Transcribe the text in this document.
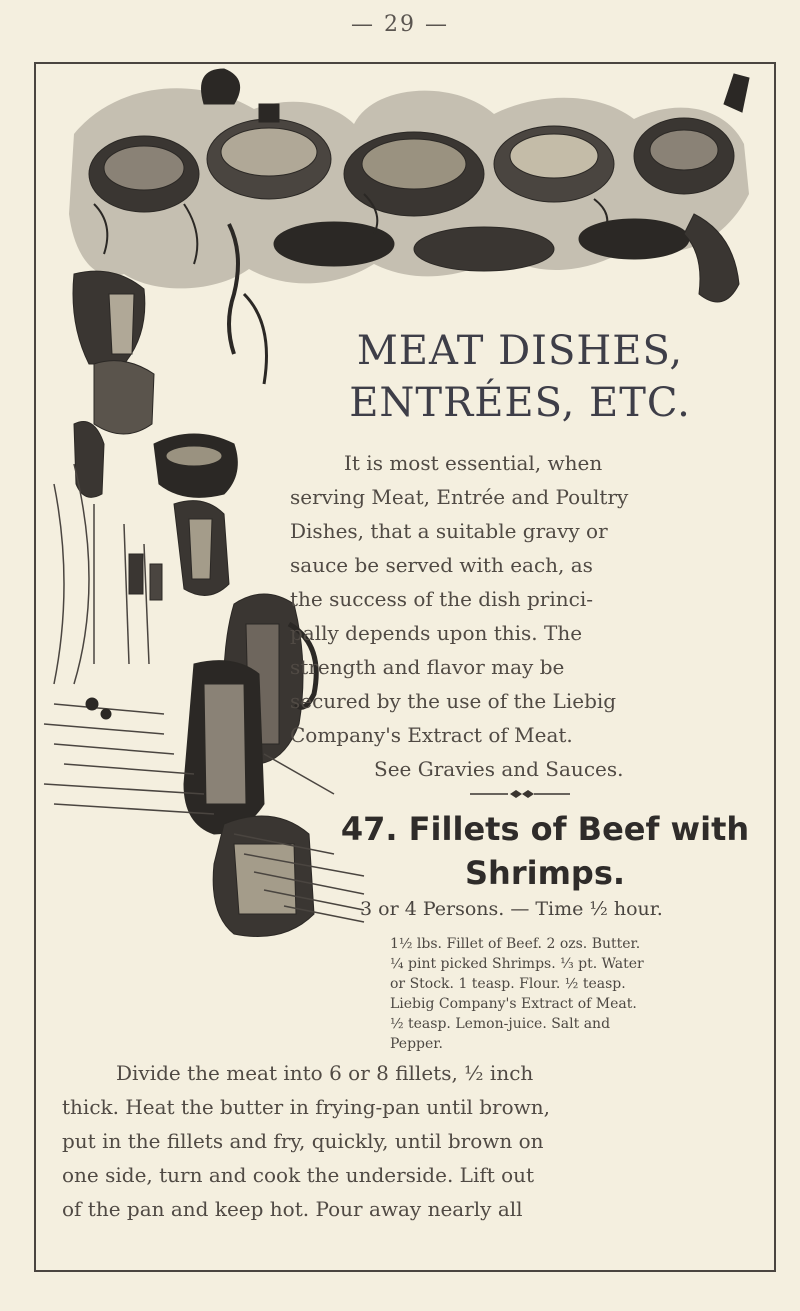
— 29 —
MEAT DISHES,
ENTRÉES, ETC.
It is most essential, when
serving Meat, Entrée and Poultry
Dishes, that a suitable gravy or
sauce be served with each, as
the success of the dish princi-
pally depends upon this. The
strength and flavor may be
secured by the use of the Liebig
Company's Extract of Meat.
See Gravies and Sauces.
47. Fillets of Beef with
Shrimps.
3 or 4 Persons. — Time ½ hour.
1½ lbs. Fillet of Beef. 2 ozs. Butter.
¼ pint picked Shrimps. ⅓ pt. Water
or Stock. 1 teasp. Flour. ½ teasp.
Liebig Company's Extract of Meat.
½ teasp. Lemon-juice. Salt and
Pepper.
Divide the meat into 6 or 8 fillets, ½ inch
thick. Heat the butter in frying-pan until brown,
put in the fillets and fry, quickly, until brown on
one side, turn and cook the underside. Lift out
of the pan and keep hot. Pour away nearly all
